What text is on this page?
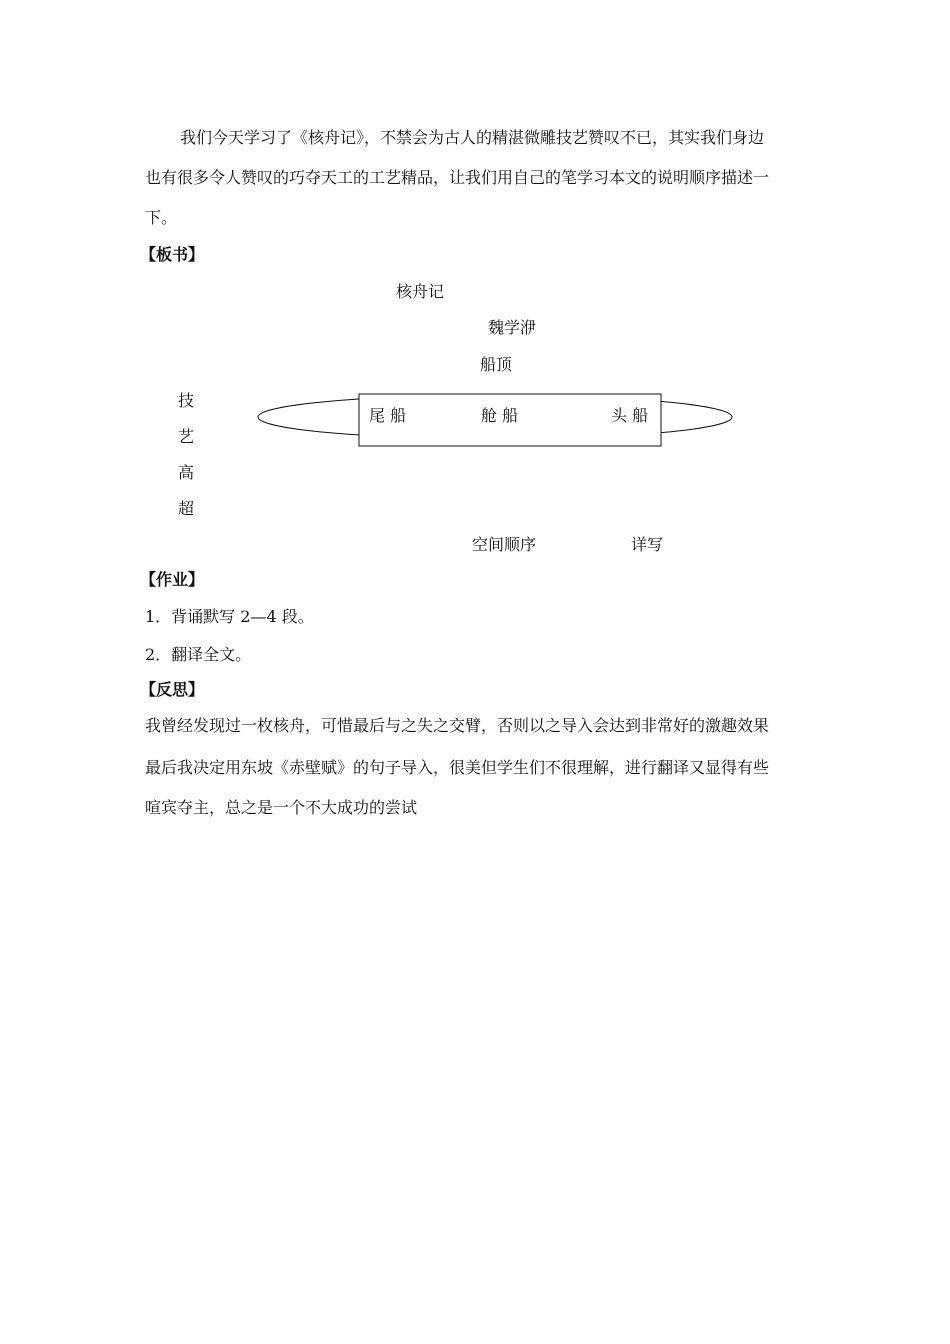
我们今天学习了《核舟记》，不禁会为古人的精湛微雕技艺赞叹不已，其实我们身边
也有很多令人赞叹的巧夺天工的工艺精品，让我们用自己的笔学习本文的说明顺序描述一
下。
【板书】
核舟记
魏学洢
船顶
技
艺
高
超
尾 船	舱 船	头 船
空间顺序	详写
【作业】
1．背诵默写 2—4 段。
2．翻译全文。
【反思】
我曾经发现过一枚核舟，可惜最后与之失之交臂，否则以之导入会达到非常好的激趣效果
最后我决定用东坡《赤壁赋》的句子导入，很美但学生们不很理解，进行翻译又显得有些
喧宾夺主，总之是一个不大成功的尝试
